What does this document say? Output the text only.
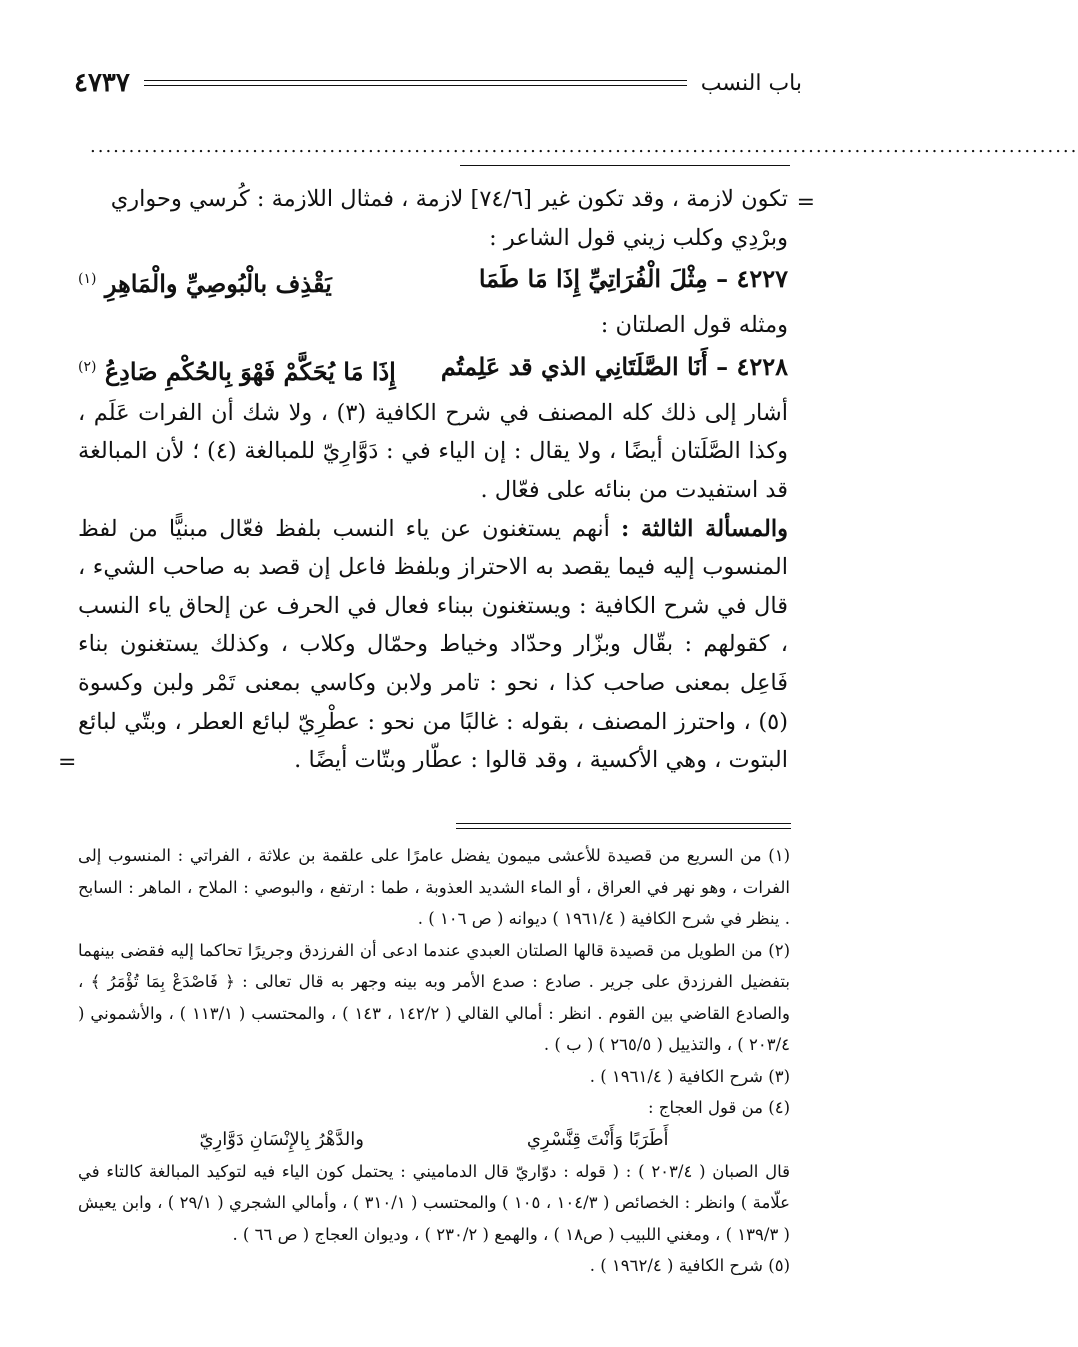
باب النسب
٤٧٣٧
................................................................................................................................
=
=

تكون لازمة ، وقد تكون غير [٧٤/٦] لازمة ، فمثال اللازمة : كُرسي وحواري

وبرْدِي وكلب زيني قول الشاعر :

٤٢٢٧ – مِثْلَ الْفُرَاتِيِّ إِذَا مَا طَمَا
يَقْذِف بالْبُوصِيِّ والْمَاهِرِ $^{(١)}$

ومثله قول الصلتان :

٤٢٢٨ – أَنَا الصَّلَتَانِي الذي قد عَلِمتُم
إِذَا مَا يُحَكَّمْ فَهْوَ بِالحُكْمِ صَادِعُ $^{(٢)}$

أشار إلى ذلك كله المصنف في شرح الكافية (٣) ، ولا شك أن الفرات عَلَم ، وكذا الصَّلَتان أيضًا ، ولا يقال : إن الياء في : دَوَّارِيّ للمبالغة (٤) ؛ لأن المبالغة قد استفيدت من بنائه على فعّال .

والمسألة الثالثة : أنهم يستغنون عن ياء النسب بلفظ فعّال مبنيًّا من لفظ المنسوب إليه فيما يقصد به الاحتراز وبلفظ فاعل إن قصد به صاحب الشيء ، قال في شرح الكافية : ويستغنون ببناء فعال في الحرف عن إلحاق ياء النسب ، كقولهم : بقّال وبزّار وحدّاد وخياط وحمّال وكلاب ، وكذلك يستغنون بناء فَاعِل بمعنى صاحب كذا ، نحو : تامر ولابن وكاسي بمعنى تَمْر ولبن وكسوة (٥) ، واحترز المصنف ، بقوله : غالبًا من نحو : عطْرِيّ لبائع العطر ، وبتّي لبائع البتوت ، وهي الأكسية ، وقد قالوا : عطّار وبتّات أيضًا .

(١) من السريع من قصيدة للأعشى ميمون يفضل عامرًا على علقمة بن علاثة ، الفراتي : المنسوب إلى الفرات ، وهو نهر في العراق ، أو الماء الشديد العذوبة ، طما : ارتفع ، والبوصي : الملاح ، الماهر : السابح . ينظر في شرح الكافية ( ١٩٦١/٤ ) ديوانه ( ص ١٠٦ ) .

(٢) من الطويل من قصيدة قالها الصلتان العبدي عندما ادعى أن الفرزدق وجريرًا تحاكما إليه فقضى بينهما بتفضيل الفرزدق على جرير . صادع : صدع الأمر وبه بينه وجهر به قال تعالى : ﴿ فَاصْدَعْ بِمَا تُؤْمَرُ ﴾ ، والصادع القاضي بين القوم . انظر : أمالي القالي ( ١٤٢/٢ ، ١٤٣ ) ، والمحتسب ( ١١٣/١ ) ، والأشموني ( ٢٠٣/٤ ) ، والتذييل ( ٢٦٥/٥ ) ( ب ) .

(٣) شرح الكافية ( ١٩٦١/٤ ) .

(٤) من قول العجاج :

أَطَرَبًا وَأَنْتَ قِنَّسْرِي
والدَّهْرُ بِالإِنْسَانِ دَوَّارِيّ

قال الصبان ( ٢٠٣/٤ ) : ( قوله : دوّاريّ قال الدماميني : يحتمل كون الياء فيه لتوكيد المبالغة كالتاء في علّامة ) وانظر : الخصائص ( ١٠٤/٣ ، ١٠٥ ) والمحتسب ( ٣١٠/١ ) ، وأمالي الشجري ( ٢٩/١ ) ، وابن يعيش ( ١٣٩/٣ ) ، ومغني اللبيب ( ص١٨ ) ، والهمع ( ٢٣٠/٢ ) ، وديوان العجاج ( ص ٦٦ ) .

(٥) شرح الكافية ( ١٩٦٢/٤ ) .
